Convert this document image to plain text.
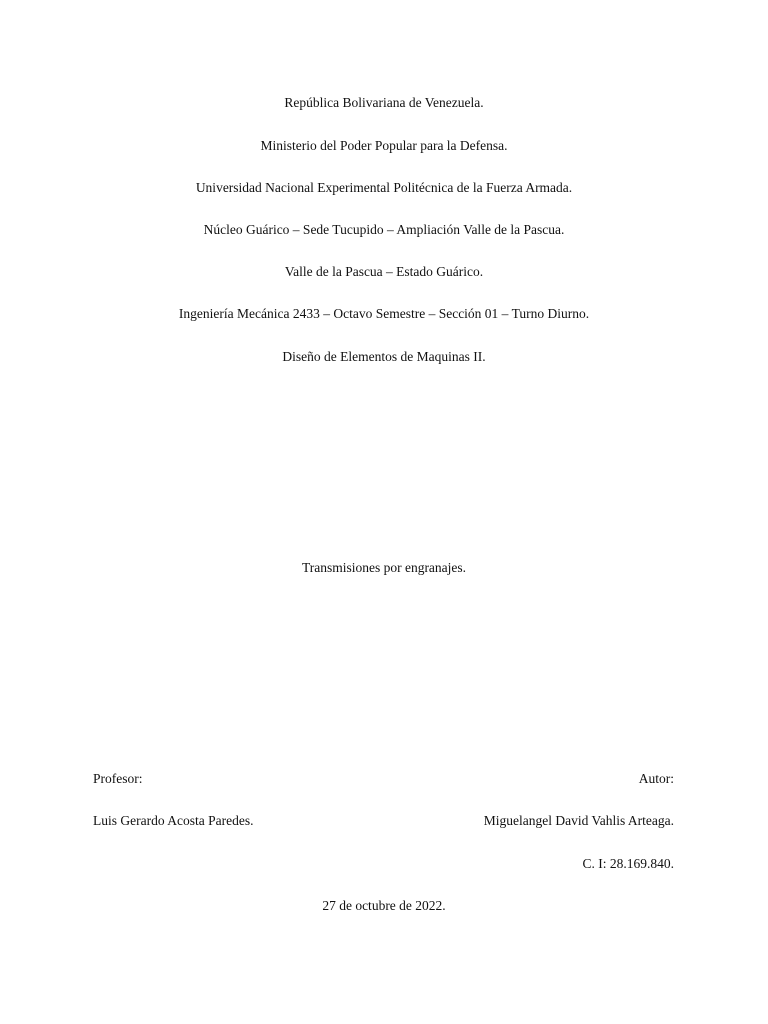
República Bolivariana de Venezuela.
Ministerio del Poder Popular para la Defensa.
Universidad Nacional Experimental Politécnica de la Fuerza Armada.
Núcleo Guárico – Sede Tucupido – Ampliación Valle de la Pascua.
Valle de la Pascua – Estado Guárico.
Ingeniería Mecánica 2433 – Octavo Semestre – Sección 01 – Turno Diurno.
Diseño de Elementos de Maquinas II.
Transmisiones por engranajes.
Profesor:	Autor:
Luis Gerardo Acosta Paredes.	Miguelangel David Vahlis Arteaga.
C. I: 28.169.840.
27 de octubre de 2022.
